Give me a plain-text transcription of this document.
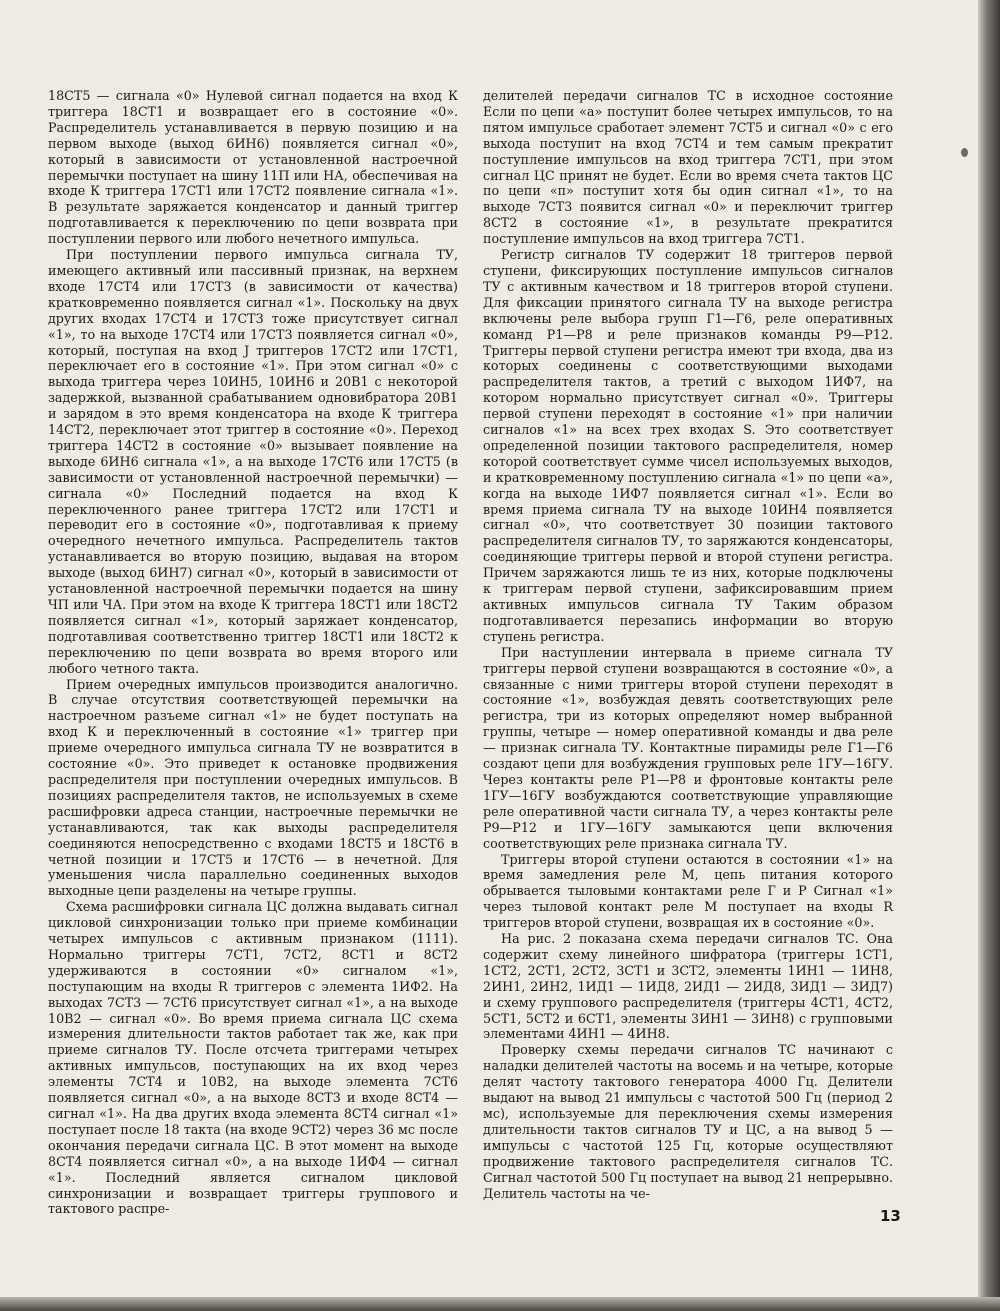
18СТ5 — сигнала «0» Нулевой сигнал подается на вход К триггера 18СТ1 и возвращает его в состояние «0». Распределитель устанавливается в первую позицию и на первом выходе (выход 6ИН6) появляется сигнал «0», который в зависимости от установленной настроечной перемычки поступает на шину 11П или НА, обеспечивая на входе К триггера 17СТ1 или 17СТ2 появление сигнала «1». В результате заряжается конденсатор и данный триггер подготавливается к переключению по цепи возврата при поступлении первого или любого нечетного импульса.

При поступлении первого импульса сигнала ТУ, имеющего активный или пассивный признак, на верхнем входе 17СТ4 или 17СТ3 (в зависимости от качества) кратковременно появляется сигнал «1». Поскольку на двух других входах 17СТ4 и 17СТ3 тоже присутствует сигнал «1», то на выходе 17СТ4 или 17СТ3 появляется сигнал «0», который, поступая на вход J триггеров 17СТ2 или 17СТ1, переключает его в состояние «1». При этом сигнал «0» с выхода триггера через 10ИН5, 10ИН6 и 20В1 с некоторой задержкой, вызванной срабатыванием одновибратора 20В1 и зарядом в это время конденсатора на входе К триггера 14СТ2, переключает этот триггер в состояние «0». Переход триггера 14СТ2 в состояние «0» вызывает появление на выходе 6ИН6 сигнала «1», а на выходе 17СТ6 или 17СТ5 (в зависимости от установленной настроечной перемычки) — сигнала «0» Последний подается на вход К переключенного ранее триггера 17СТ2 или 17СТ1 и переводит его в состояние «0», подготавливая к приему очередного нечетного импульса. Распределитель тактов устанавливается во вторую позицию, выдавая на втором выходе (выход 6ИН7) сигнал «0», который в зависимости от установленной настроечной перемычки подается на шину ЧП или ЧА. При этом на входе К триггера 18СТ1 или 18СТ2 появляется сигнал «1», который заряжает конденсатор, подготавливая соответственно триггер 18СТ1 или 18СТ2 к переключению по цепи возврата во время второго или любого четного такта.

Прием очередных импульсов производится аналогично. В случае отсутствия соответствующей перемычки на настроечном разъеме сигнал «1» не будет поступать на вход К и переключенный в состояние «1» триггер при приеме очередного импульса сигнала ТУ не возвратится в состояние «0». Это приведет к остановке продвижения распределителя при поступлении очередных импульсов. В позициях распределителя тактов, не используемых в схеме расшифровки адреса станции, настроечные перемычки не устанавливаются, так как выходы распределителя соединяются непосредственно с входами 18СТ5 и 18СТ6 в четной позиции и 17СТ5 и 17СТ6 — в нечетной. Для уменьшения числа параллельно соединенных выходов выходные цепи разделены на четыре группы.

Схема расшифровки сигнала ЦС должна выдавать сигнал цикловой синхронизации только при приеме комбинации четырех импульсов с активным признаком (1111). Нормально триггеры 7СТ1, 7СТ2, 8СТ1 и 8СТ2 удерживаются в состоянии «0» сигналом «1», поступающим на входы R триггеров с элемента 1ИФ2. На выходах 7СТ3 — 7СТ6 присутствует сигнал «1», а на выходе 10В2 — сигнал «0». Во время приема сигнала ЦС схема измерения длительности тактов работает так же, как при приеме сигналов ТУ. После отсчета триггерами четырех активных импульсов, поступающих на их вход через элементы 7СТ4 и 10В2, на выходе элемента 7СТ6 появляется сигнал «0», а на выходе 8СТ3 и входе 8СТ4 — сигнал «1». На два других входа элемента 8СТ4 сигнал «1» поступает после 18 такта (на входе 9СТ2) через 36 мс после окончания передачи сигнала ЦС. В этот момент на выходе 8СТ4 появляется сигнал «0», а на выходе 1ИФ4 — сигнал «1». Последний является сигналом цикловой синхронизации и возвращает триггеры группового и тактового распре-

делителей передачи сигналов ТС в исходное состояние Если по цепи «a» поступит более четырех импульсов, то на пятом импульсе сработает элемент 7СТ5 и сигнал «0» с его выхода поступит на вход 7СТ4 и тем самым прекратит поступление импульсов на вход триггера 7СТ1, при этом сигнал ЦС принят не будет. Если во время счета тактов ЦС по цепи «п» поступит хотя бы один сигнал «1», то на выходе 7СТ3 появится сигнал «0» и переключит триггер 8СТ2 в состояние «1», в результате прекратится поступление импульсов на вход триггера 7СТ1.

Регистр сигналов ТУ содержит 18 триггеров первой ступени, фиксирующих поступление импульсов сигналов ТУ с активным качеством и 18 триггеров второй ступени. Для фиксации принятого сигнала ТУ на выходе регистра включены реле выбора групп Г1—Г6, реле оперативных команд Р1—Р8 и реле признаков команды Р9—Р12. Триггеры первой ступени регистра имеют три входа, два из которых соединены с соответствующими выходами распределителя тактов, а третий с выходом 1ИФ7, на котором нормально присутствует сигнал «0». Триггеры первой ступени переходят в состояние «1» при наличии сигналов «1» на всех трех входах S. Это соответствует определенной позиции тактового распределителя, номер которой соответствует сумме чисел используемых выходов, и кратковременному поступлению сигнала «1» по цепи «a», когда на выходе 1ИФ7 появляется сигнал «1». Если во время приема сигнала ТУ на выходе 10ИН4 появляется сигнал «0», что соответствует 30 позиции тактового распределителя сигналов ТУ, то заряжаются конденсаторы, соединяющие триггеры первой и второй ступени регистра. Причем заряжаются лишь те из них, которые подключены к триггерам первой ступени, зафиксировавшим прием активных импульсов сигнала ТУ Таким образом подготавливается перезапись информации во вторую ступень регистра.

При наступлении интервала в приеме сигнала ТУ триггеры первой ступени возвращаются в состояние «0», а связанные с ними триггеры второй ступени переходят в состояние «1», возбуждая девять соответствующих реле регистра, три из которых определяют номер выбранной группы, четыре — номер оперативной команды и два реле — признак сигнала ТУ. Контактные пирамиды реле Г1—Г6 создают цепи для возбуждения групповых реле 1ГУ—16ГУ. Через контакты реле Р1—Р8 и фронтовые контакты реле 1ГУ—16ГУ возбуждаются соответствующие управляющие реле оперативной части сигнала ТУ, а через контакты реле Р9—Р12 и 1ГУ—16ГУ замыкаются цепи включения соответствующих реле признака сигнала ТУ.

Триггеры второй ступени остаются в состоянии «1» на время замедления реле М, цепь питания которого обрывается тыловыми контактами реле Г и Р Сигнал «1» через тыловой контакт реле М поступает на входы R триггеров второй ступени, возвращая их в состояние «0».

На рис. 2 показана схема передачи сигналов ТС. Она содержит схему линейного шифратора (триггеры 1СТ1, 1СТ2, 2СТ1, 2СТ2, 3СТ1 и 3СТ2, элементы 1ИН1 — 1ИН8, 2ИН1, 2ИН2, 1ИД1 — 1ИД8, 2ИД1 — 2ИД8, 3ИД1 — 3ИД7) и схему группового распределителя (триггеры 4СТ1, 4СТ2, 5СТ1, 5СТ2 и 6СТ1, элементы 3ИН1 — 3ИН8) с групповыми элементами 4ИН1 — 4ИН8.

Проверку схемы передачи сигналов ТС начинают с наладки делителей частоты на восемь и на четыре, которые делят частоту тактового генератора 4000 Гц. Делители выдают на вывод 21 импульсы с частотой 500 Гц (период 2 мс), используемые для переключения схемы измерения длительности тактов сигналов ТУ и ЦС, а на вывод 5 — импульсы с частотой 125 Гц, которые осуществляют продвижение тактового распределителя сигналов ТС. Сигнал частотой 500 Гц поступает на вывод 21 непрерывно. Делитель частоты на че-

13
